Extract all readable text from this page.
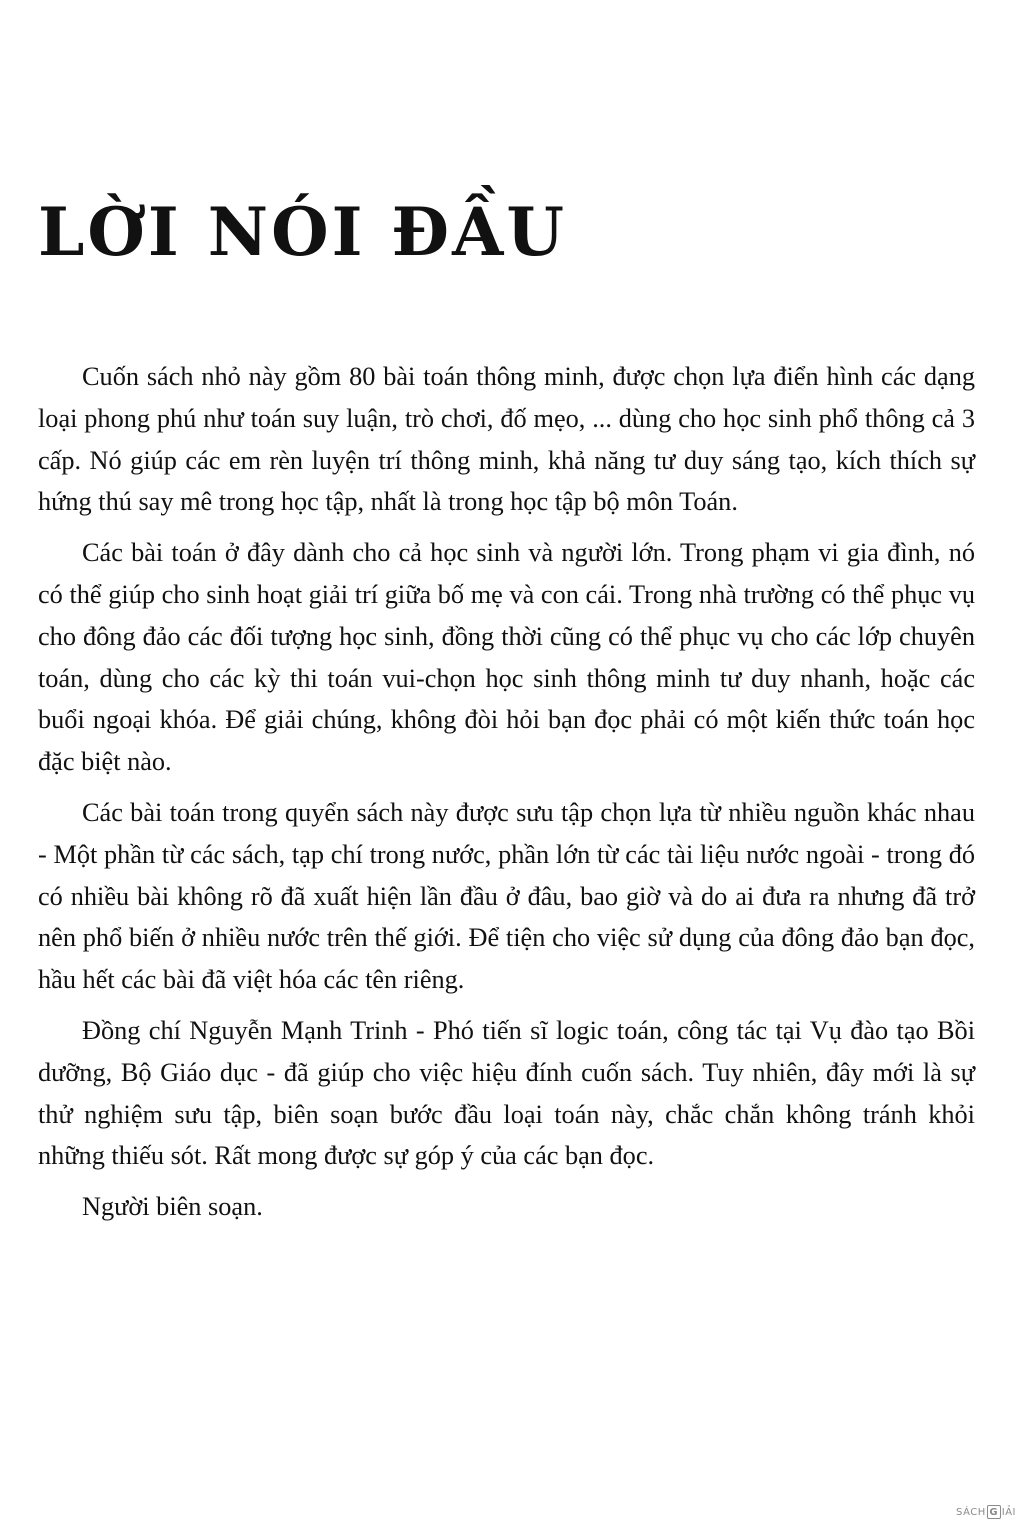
LỜI NÓI ĐẦU

Cuốn sách nhỏ này gồm 80 bài toán thông minh, được chọn lựa điển hình các dạng loại phong phú như toán suy luận, trò chơi, đố mẹo, ... dùng cho học sinh phổ thông cả 3 cấp. Nó giúp các em rèn luyện trí thông minh, khả năng tư duy sáng tạo, kích thích sự hứng thú say mê trong học tập, nhất là trong học tập bộ môn Toán.

Các bài toán ở đây dành cho cả học sinh và người lớn. Trong phạm vi gia đình, nó có thể giúp cho sinh hoạt giải trí giữa bố mẹ và con cái. Trong nhà trường có thể phục vụ cho đông đảo các đối tượng học sinh, đồng thời cũng có thể phục vụ cho các lớp chuyên toán, dùng cho các kỳ thi toán vui-chọn học sinh thông minh tư duy nhanh, hoặc các buổi ngoại khóa. Để giải chúng, không đòi hỏi bạn đọc phải có một kiến thức toán học đặc biệt nào.

Các bài toán trong quyển sách này được sưu tập chọn lựa từ nhiều nguồn khác nhau - Một phần từ các sách, tạp chí trong nước, phần lớn từ các tài liệu nước ngoài - trong đó có nhiều bài không rõ đã xuất hiện lần đầu ở đâu, bao giờ và do ai đưa ra nhưng đã trở nên phổ biến ở nhiều nước trên thế giới. Để tiện cho việc sử dụng của đông đảo bạn đọc, hầu hết các bài đã việt hóa các tên riêng.

Đồng chí Nguyễn Mạnh Trinh - Phó tiến sĩ logic toán, công tác tại Vụ đào tạo Bồi dưỡng, Bộ Giáo dục - đã giúp cho việc hiệu đính cuốn sách. Tuy nhiên, đây mới là sự thử nghiệm sưu tập, biên soạn bước đầu loại toán này, chắc chắn không tránh khỏi những thiếu sót. Rất mong được sự góp ý của các bạn đọc.

Người biên soạn.

SÁCH G IẢI
